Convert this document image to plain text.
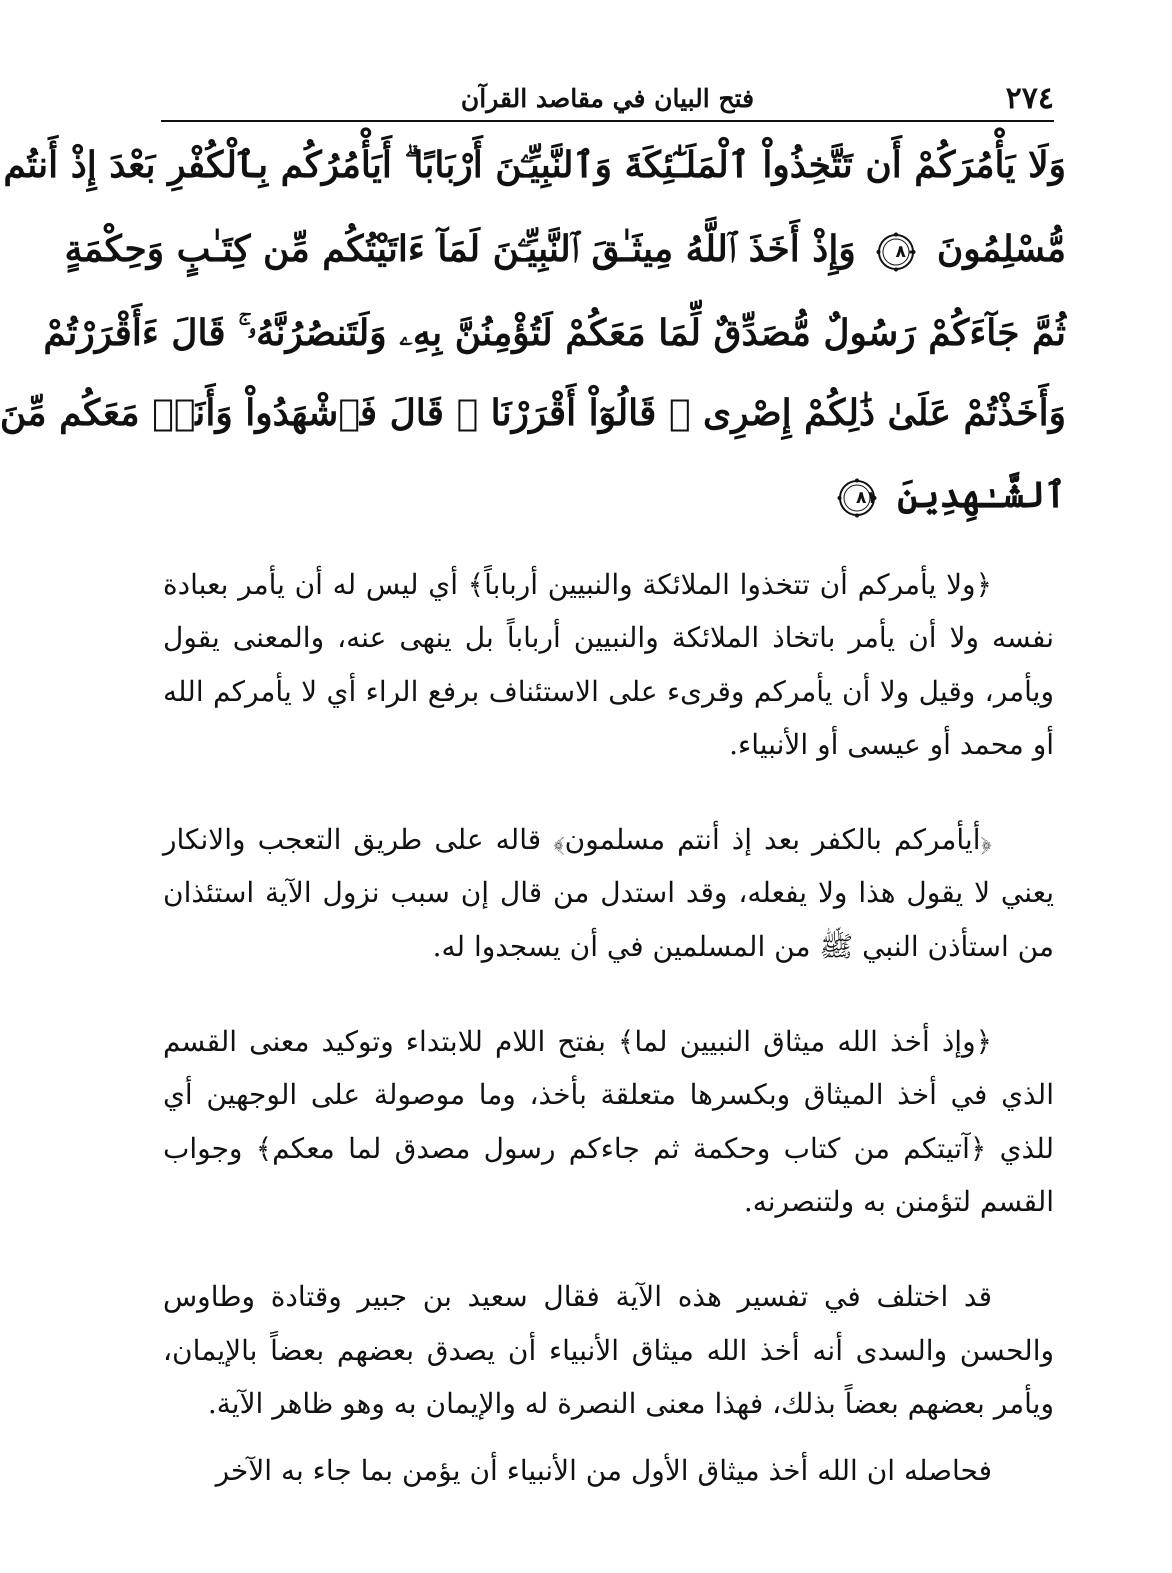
٢٧٤
فتح البيان في مقاصد القرآن
وَلَا يَأْمُرَكُمْ أَن تَتَّخِذُواْ ٱلْمَلَـٰٓئِكَةَ وَٱلنَّبِيِّـۧنَ أَرْبَابًا ۗ أَيَأْمُرُكُم بِٱلْكُفْرِ بَعْدَ إِذْ أَنتُم
مُّسْلِمُونَ
٨٠
وَإِذْ أَخَذَ ٱللَّهُ مِيثَـٰقَ ٱلنَّبِيِّـۧنَ لَمَآ ءَاتَيْتُكُم مِّن كِتَـٰبٍ وَحِكْمَةٍ
ثُمَّ جَآءَكُمْ رَسُولٌ مُّصَدِّقٌ لِّمَا مَعَكُمْ لَتُؤْمِنُنَّ بِهِۦ وَلَتَنصُرُنَّهُۥ ۚ قَالَ ءَأَقْرَرْتُمْ
وَأَخَذْتُمْ عَلَىٰ ذَٰلِكُمْ إِصْرِى ۖ قَالُوٓاْ أَقْرَرْنَا ۚ قَالَ فَٱشْهَدُواْ وَأَنَا۠ مَعَكُم مِّنَ
ٱلشَّـٰهِدِينَ
٨١

﴿ولا يأمركم أن تتخذوا الملائكة والنبيين أرباباً﴾ أي ليس له أن يأمر بعبادة نفسه ولا أن يأمر باتخاذ الملائكة والنبيين أرباباً بل ينهى عنه، والمعنى يقول ويأمر، وقيل ولا أن يأمركم وقرىء على الاستئناف برفع الراء أي لا يأمركم الله أو محمد أو عيسى أو الأنبياء.

﴿أيأمركم بالكفر بعد إذ أنتم مسلمون﴾ قاله على طريق التعجب والانكار يعني لا يقول هذا ولا يفعله، وقد استدل من قال إن سبب نزول الآية استئذان من استأذن النبي ﷺ من المسلمين في أن يسجدوا له.

﴿وإذ أخذ الله ميثاق النبيين لما﴾ بفتح اللام للابتداء وتوكيد معنى القسم الذي في أخذ الميثاق وبكسرها متعلقة بأخذ، وما موصولة على الوجهين أي للذي ﴿آتيتكم من كتاب وحكمة ثم جاءكم رسول مصدق لما معكم﴾ وجواب القسم لتؤمنن به ولتنصرنه.

قد اختلف في تفسير هذه الآية فقال سعيد بن جبير وقتادة وطاوس والحسن والسدى أنه أخذ الله ميثاق الأنبياء أن يصدق بعضهم بعضاً بالإيمان، ويأمر بعضهم بعضاً بذلك، فهذا معنى النصرة له والإيمان به وهو ظاهر الآية.

فحاصله ان الله أخذ ميثاق الأول من الأنبياء أن يؤمن بما جاء به الآخر
